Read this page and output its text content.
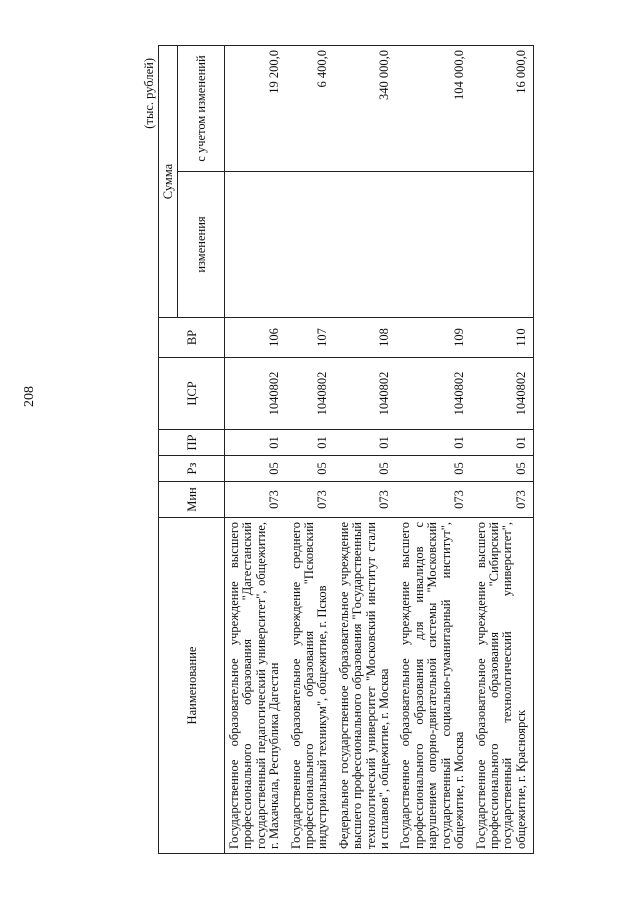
208
(тыс. рублей)
Наименование	Мин	Рз	ПР	ЦСР	ВР	Сумма	
						изменения	с учетом изменений
Государственное образовательное учреждение высшего профессионального образования "Дагестанский государственный педагогический университет", общежитие, г. Махачкала, Республика Дагестан	073	05	01	1040802	106		19 200,0
Государственное образовательное учреждение среднего профессионального образования "Псковский индустриальный техникум", общежитие, г. Псков	073	05	01	1040802	107		6 400,0
Федеральное государственное образовательное учреждение высшего профессионального образования "Государственный технологический университет "Московский институт стали и сплавов", общежитие, г. Москва	073	05	01	1040802	108		340 000,0
Государственное образовательное учреждение высшего профессионального образования для инвалидов с нарушением опорно-двигательной системы "Московский государственный социально-гуманитарный институт", общежитие, г. Москва	073	05	01	1040802	109		104 000,0
Государственное образовательное учреждение высшего профессионального образования "Сибирский государственный технологический университет", общежитие, г. Красноярск	073	05	01	1040802	110		16 000,0
